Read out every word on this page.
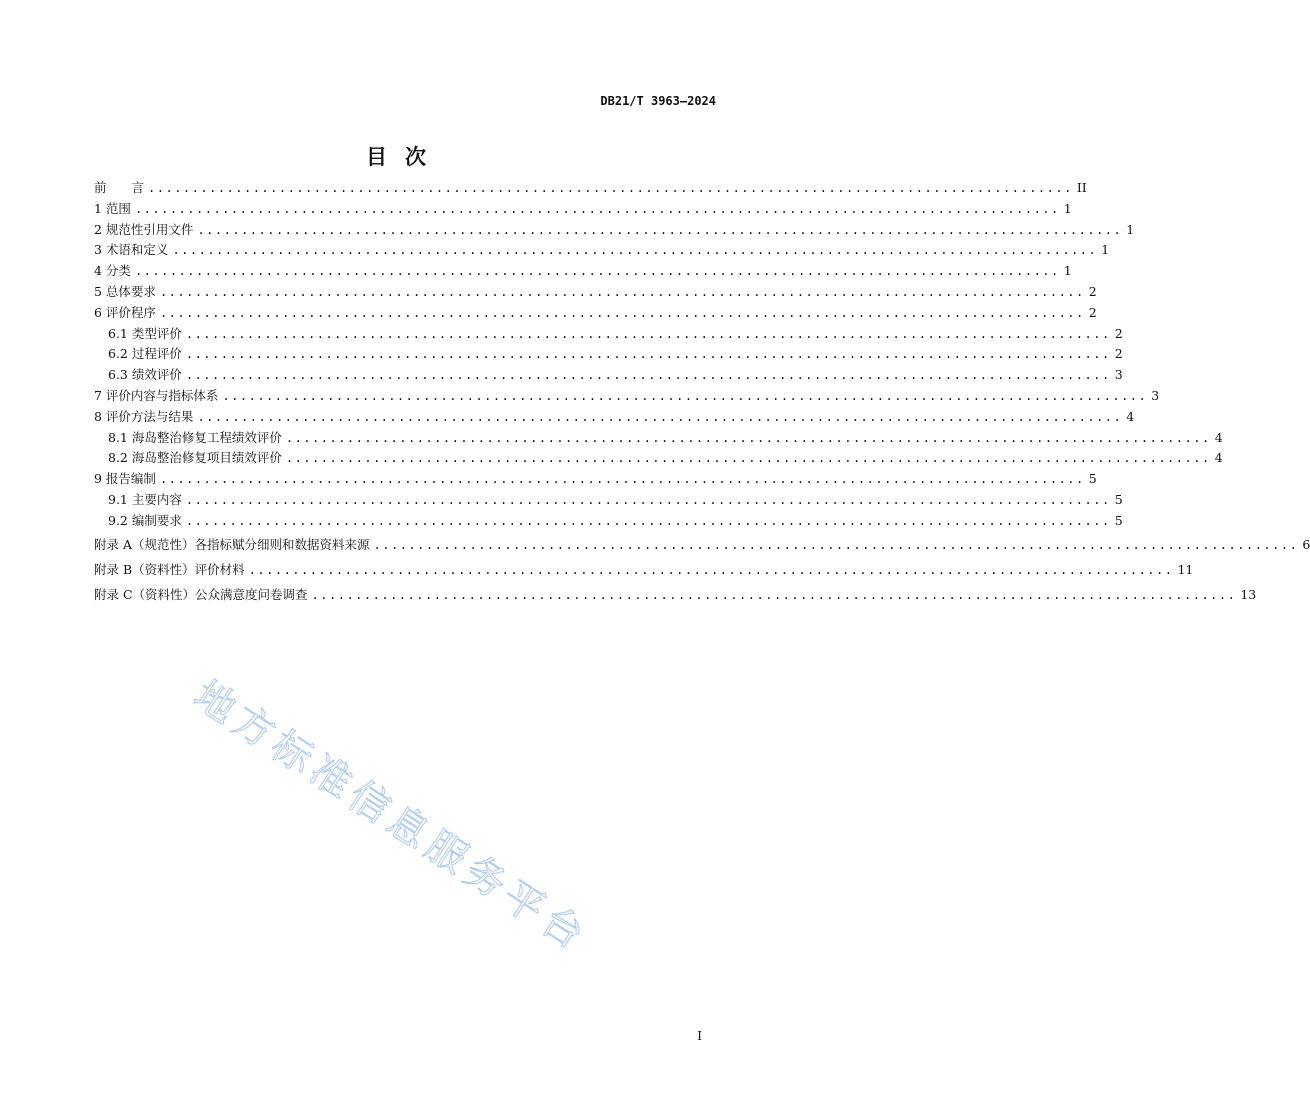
DB21/T 3963—2024
目次
前　　言 .......................................................................................................... II
1 范围 .......................................................................................................... 1
2 规范性引用文件 .......................................................................................................... 1
3 术语和定义 .......................................................................................................... 1
4 分类 .......................................................................................................... 1
5 总体要求 .......................................................................................................... 2
6 评价程序 .......................................................................................................... 2
6.1 类型评价 .......................................................................................................... 2
6.2 过程评价 .......................................................................................................... 2
6.3 绩效评价 .......................................................................................................... 3
7 评价内容与指标体系 .......................................................................................................... 3
8 评价方法与结果 .......................................................................................................... 4
8.1 海岛整治修复工程绩效评价 .......................................................................................................... 4
8.2 海岛整治修复项目绩效评价 .......................................................................................................... 4
9 报告编制 .......................................................................................................... 5
9.1 主要内容 .......................................................................................................... 5
9.2 编制要求 .......................................................................................................... 5
附录 A（规范性）各指标赋分细则和数据资料来源 .......................................................................................................... 6
附录 B（资料性）评价材料 .......................................................................................................... 11
附录 C（资料性）公众满意度问卷调查 .......................................................................................................... 13
地方标准信息服务平台
I
